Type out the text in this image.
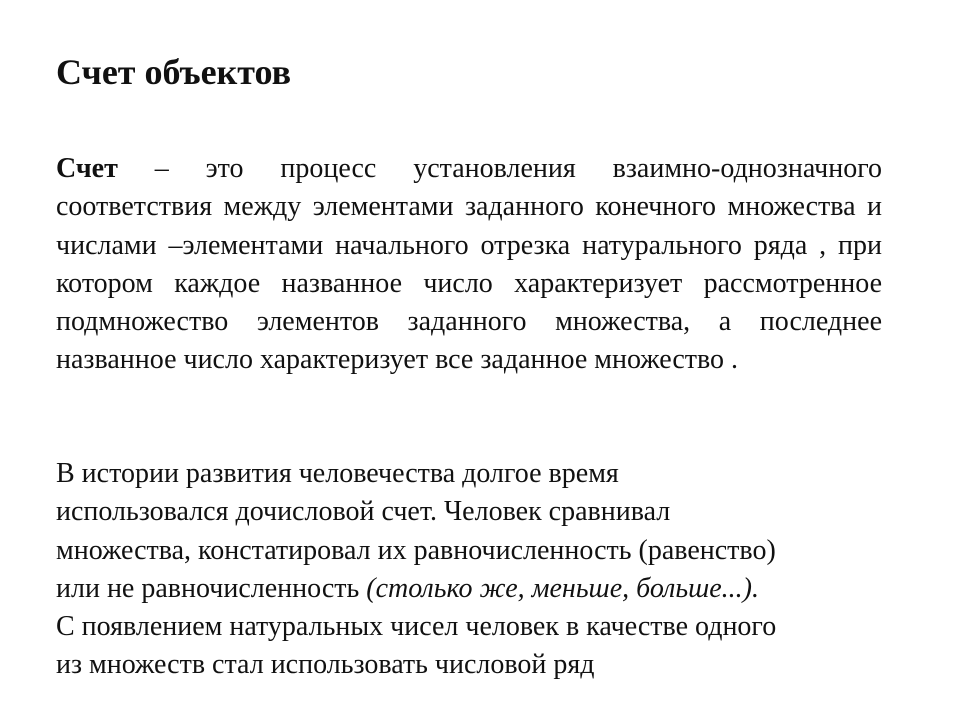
Счет объектов

Счет – это процесс установления взаимно-однозначного соответствия между элементами заданного конечного множества и числами –элементами начального отрезка натурального ряда , при котором каждое названное число характеризует рассмотренное подмножество элементов заданного множества, а последнее названное число характеризует все заданное множество .

В истории развития человечества долгое время
использовался дочисловой счет. Человек сравнивал
множества, констатировал их равночисленность (равенство)
или не равночисленность (столько же, меньше, больше...).
С появлением натуральных чисел человек в качестве одного
из множеств стал использовать числовой ряд
